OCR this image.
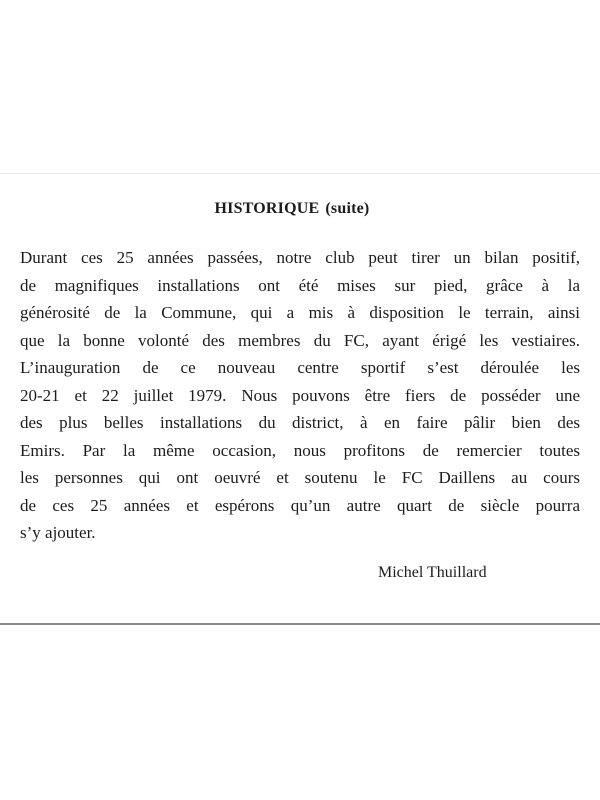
HISTORIQUE (suite)
Durant ces 25 années passées, notre club peut tirer un bilan positif,
de magnifiques installations ont été mises sur pied, grâce à la
générosité de la Commune, qui a mis à disposition le terrain, ainsi
que la bonne volonté des membres du FC, ayant érigé les vestiaires.
L’inauguration de ce nouveau centre sportif s’est déroulée les
20-21 et 22 juillet 1979. Nous pouvons être fiers de posséder une
des plus belles installations du district, à en faire pâlir bien des
Emirs. Par la même occasion, nous profitons de remercier toutes
les personnes qui ont oeuvré et soutenu le FC Daillens au cours
de ces 25 années et espérons qu’un autre quart de siècle pourra
s’y ajouter.
Michel Thuillard
